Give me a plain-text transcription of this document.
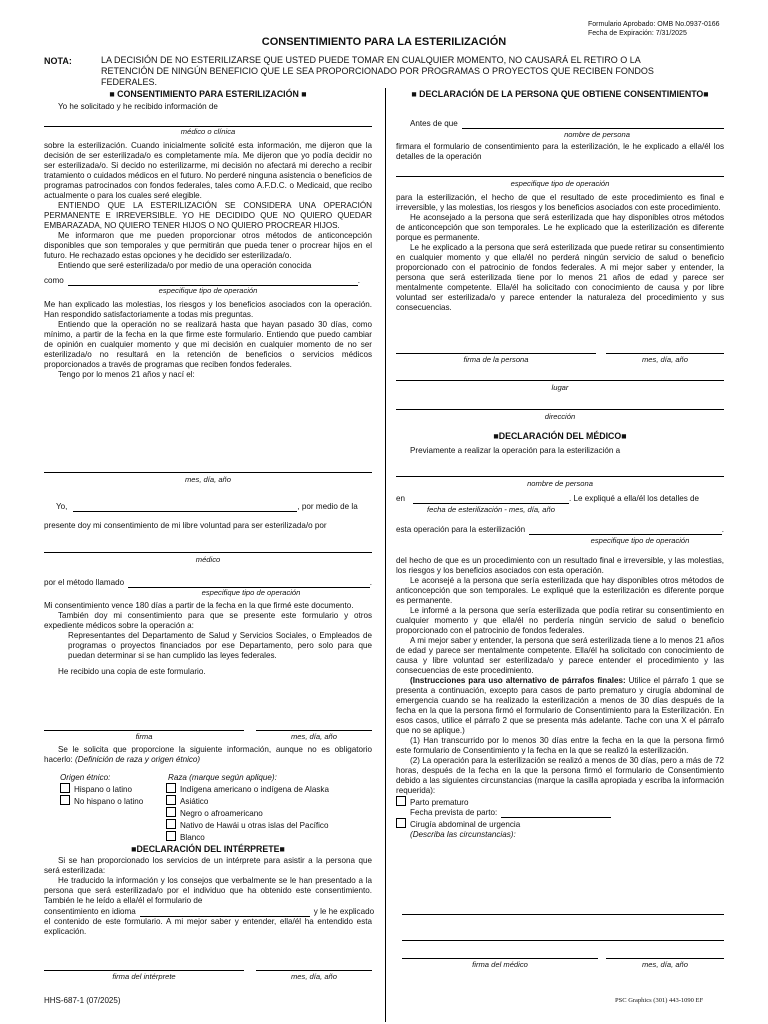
Formulario Aprobado: OMB No.0937-0166
Fecha de Expiración: 7/31/2025
CONSENTIMIENTO PARA LA ESTERILIZACIÓN
NOTA:	LA DECISIÓN DE NO ESTERILIZARSE QUE USTED PUEDE TOMAR EN CUALQUIER MOMENTO, NO CAUSARÁ EL RETIRO O LA RETENCIÓN DE NINGÚN BENEFICIO QUE LE SEA PROPORCIONADO POR PROGRAMAS O PROYECTOS QUE RECIBEN FONDOS FEDERALES.
■ CONSENTIMIENTO PARA ESTERILIZACIÓN ■
Yo he solicitado y he recibido información de
médico o clínica
sobre la esterilización. Cuando inicialmente solicité esta información, me dijeron que la decisión de ser esterilizada/o es completamente mía. Me dijeron que yo podía decidir no ser esterilizada/o. Si decido no esterilizarme, mi decisión no afectará mi derecho a recibir tratamiento o cuidados médicos en el futuro. No perderé ninguna asistencia o beneficios de programas patrocinados con fondos federales, tales como A.F.D.C. o Medicaid, que recibo actualmente o para los cuales seré elegible.
ENTIENDO QUE LA ESTERILIZACIÓN SE CONSIDERA UNA OPERACIÓN PERMANENTE E IRREVERSIBLE. YO HE DECIDIDO QUE NO QUIERO QUEDAR EMBARAZADA, NO QUIERO TENER HIJOS O NO QUIERO PROCREAR HIJOS.
Me informaron que me pueden proporcionar otros métodos de anticoncepción disponibles que son temporales y que permitirán que pueda tener o procrear hijos en el futuro. He rechazado estas opciones y he decidido ser esterilizada/o.
Entiendo que seré esterilizada/o por medio de una operación conocida
como	.
especifique tipo de operación
Me han explicado las molestias, los riesgos y los beneficios asociados con la operación. Han respondido satisfactoriamente a todas mis preguntas.
Entiendo que la operación no se realizará hasta que hayan pasado 30 días, como mínimo, a partir de la fecha en la que firme este formulario. Entiendo que puedo cambiar de opinión en cualquier momento y que mi decisión en cualquier momento de no ser esterilizada/o no resultará en la retención de beneficios o servicios médicos proporcionados a través de programas que reciben fondos federales.
Tengo por lo menos 21 años y nací el:
mes, día, año
Yo,	, por medio de la
presente doy mi consentimiento de mi libre voluntad para ser esterilizada/o por
médico
por el método llamado	.
especifique tipo de operación
Mi consentimiento vence 180 días a partir de la fecha en la que firmé este documento.
También doy mi consentimiento para que se presente este formulario y otros expediente médicos sobre la operación a:
Representantes del Departamento de Salud y Servicios Sociales, o Empleados de programas o proyectos financiados por ese Departamento, pero solo para que puedan determinar si se han cumplido las leyes federales.
He recibido una copia de este formulario.
firma	mes, día, año
Se le solicita que proporcione la siguiente información, aunque no es obligatorio hacerlo: (Definición de raza y origen étnico)
Origen étnico:
Hispano o latino
No hispano o latino
Raza (marque según aplique):
Indígena americano o indígena de Alaska
Asiático
Negro o afroamericano
Nativo de Hawái u otras islas del Pacífico
Blanco
■DECLARACIÓN DEL INTÉRPRETE■
Si se han proporcionado los servicios de un intérprete para asistir a la persona que será esterilizada:
He traducido la información y los consejos que verbalmente se le han presentado a la persona que será esterilizada/o por el individuo que ha obtenido este consentimiento. También le he leído a ella/él el formulario de
consentimiento en idioma	y le he explicado
el contenido de este formulario. A mi mejor saber y entender, ella/él ha entendido esta explicación.
firma del intérprete	mes, día, año
■ DECLARACIÓN DE LA PERSONA QUE OBTIENE CONSENTIMIENTO■
Antes de que
nombre de persona
firmara el formulario de consentimiento para la esterilización, le he explicado a ella/él los detalles de la operación
especifique tipo de operación
para la esterilización, el hecho de que el resultado de este procedimiento es final e irreversible, y las molestias, los riesgos y los beneficios asociados con este procedimiento.
He aconsejado a la persona que será esterilizada que hay disponibles otros métodos de anticoncepción que son temporales. Le he explicado que la esterilización es diferente porque es permanente.
Le he explicado a la persona que será esterilizada que puede retirar su consentimiento en cualquier momento y que ella/él no perderá ningún servicio de salud o beneficio proporcionado con el patrocinio de fondos federales. A mi mejor saber y entender, la persona que será esterilizada tiene por lo menos 21 años de edad y parece ser mentalmente competente. Ella/él ha solicitado con conocimiento de causa y por libre voluntad ser esterilizada/o y parece entender la naturaleza del procedimiento y sus consecuencias.
firma de la persona	mes, día, año
lugar
dirección
■DECLARACIÓN DEL MÉDICO■
Previamente a realizar la operación para la esterilización a
nombre de persona
en	. Le expliqué a ella/él los detalles de
fecha de esterilización - mes, día, año
esta operación para la esterilización	.
especifique tipo de operación
del hecho de que es un procedimiento con un resultado final e irreversible, y las molestias, los riesgos y los beneficios asociados con esta operación.
Le aconsejé a la persona que sería esterilizada que hay disponibles otros métodos de anticoncepción que son temporales. Le expliqué que la esterilización es diferente porque es permanente.
Le informé a la persona que sería esterilizada que podía retirar su consentimiento en cualquier momento y que ella/él no perdería ningún servicio de salud o beneficio proporcionado con el patrocinio de fondos federales.
A mi mejor saber y entender, la persona que será esterilizada tiene a lo menos 21 años de edad y parece ser mentalmente competente. Ella/él ha solicitado con conocimiento de causa y libre voluntad ser esterilizada/o y parece entender el procedimiento y las consecuencias de este procedimiento.
(Instrucciones para uso alternativo de párrafos finales: Utilice el párrafo 1 que se presenta a continuación, excepto para casos de parto prematuro y cirugía abdominal de emergencia cuando se ha realizado la esterilización a menos de 30 días después de la fecha en la que la persona firmó el formulario de Consentimiento para la Esterilización. En esos casos, utilice el párrafo 2 que se presenta más adelante. Tache con una X el párrafo que no se aplique.)
(1) Han transcurrido por lo menos 30 días entre la fecha en la que la persona firmó este formulario de Consentimiento y la fecha en la que se realizó la esterilización.
(2) La operación para la esterilización se realizó a menos de 30 días, pero a más de 72 horas, después de la fecha en la que la persona firmó el formulario de Consentimiento debido a las siguientes circunstancias (marque la casilla apropiada y escriba la información requerida):
Parto prematuro
Fecha prevista de parto:
Cirugía abdominal de urgencia
(Describa las circunstancias):
firma del médico	mes, día, año
HHS-687-1 (07/2025)	PSC Graphics (301) 443-1090 EF
